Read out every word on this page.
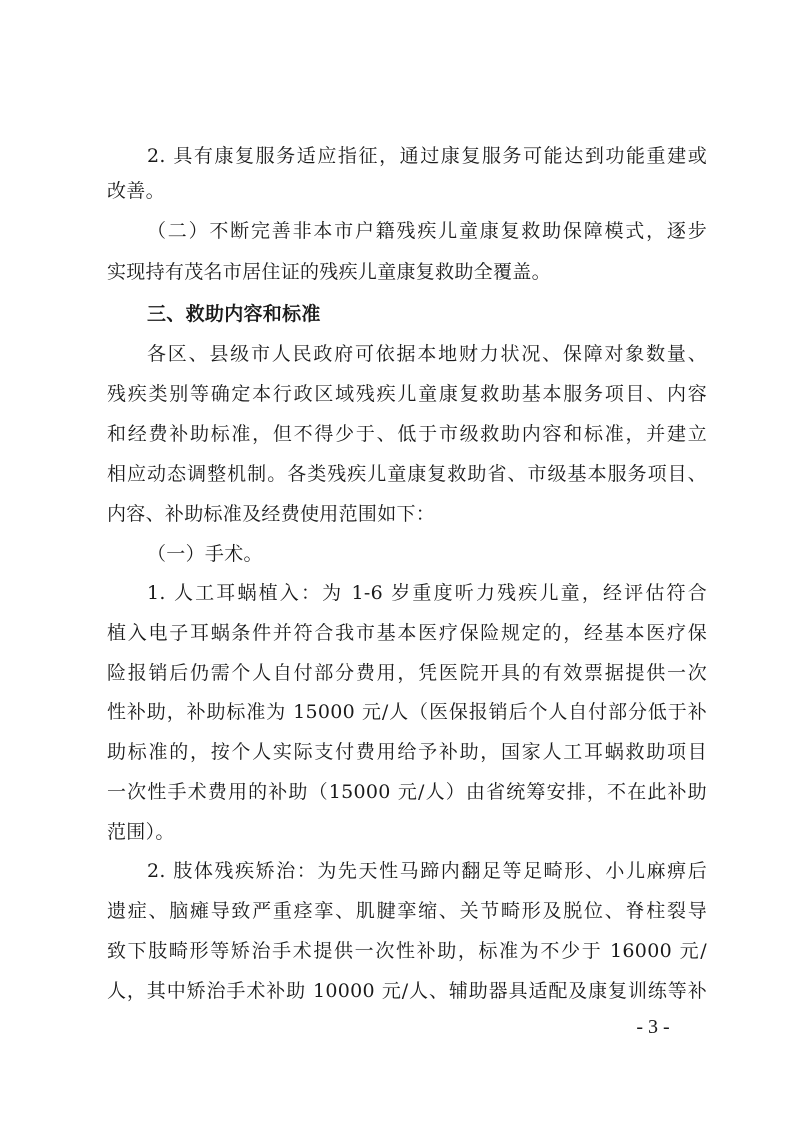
2. 具有康复服务适应指征，通过康复服务可能达到功能重建或
改善。
（二）不断完善非本市户籍残疾儿童康复救助保障模式，逐步
实现持有茂名市居住证的残疾儿童康复救助全覆盖。
三、救助内容和标准
各区、县级市人民政府可依据本地财力状况、保障对象数量、
残疾类别等确定本行政区域残疾儿童康复救助基本服务项目、内容
和经费补助标准，但不得少于、低于市级救助内容和标准，并建立
相应动态调整机制。各类残疾儿童康复救助省、市级基本服务项目、
内容、补助标准及经费使用范围如下：
（一）手术。
1. 人工耳蜗植入：为 1-6 岁重度听力残疾儿童，经评估符合
植入电子耳蜗条件并符合我市基本医疗保险规定的，经基本医疗保
险报销后仍需个人自付部分费用，凭医院开具的有效票据提供一次
性补助，补助标准为 15000 元/人（医保报销后个人自付部分低于补
助标准的，按个人实际支付费用给予补助，国家人工耳蜗救助项目
一次性手术费用的补助（15000 元/人）由省统筹安排，不在此补助
范围）。
2. 肢体残疾矫治：为先天性马蹄内翻足等足畸形、小儿麻痹后
遗症、脑瘫导致严重痉挛、肌腱挛缩、关节畸形及脱位、脊柱裂导
致下肢畸形等矫治手术提供一次性补助，标准为不少于 16000 元/
人，其中矫治手术补助 10000 元/人、辅助器具适配及康复训练等补
- 3 -
